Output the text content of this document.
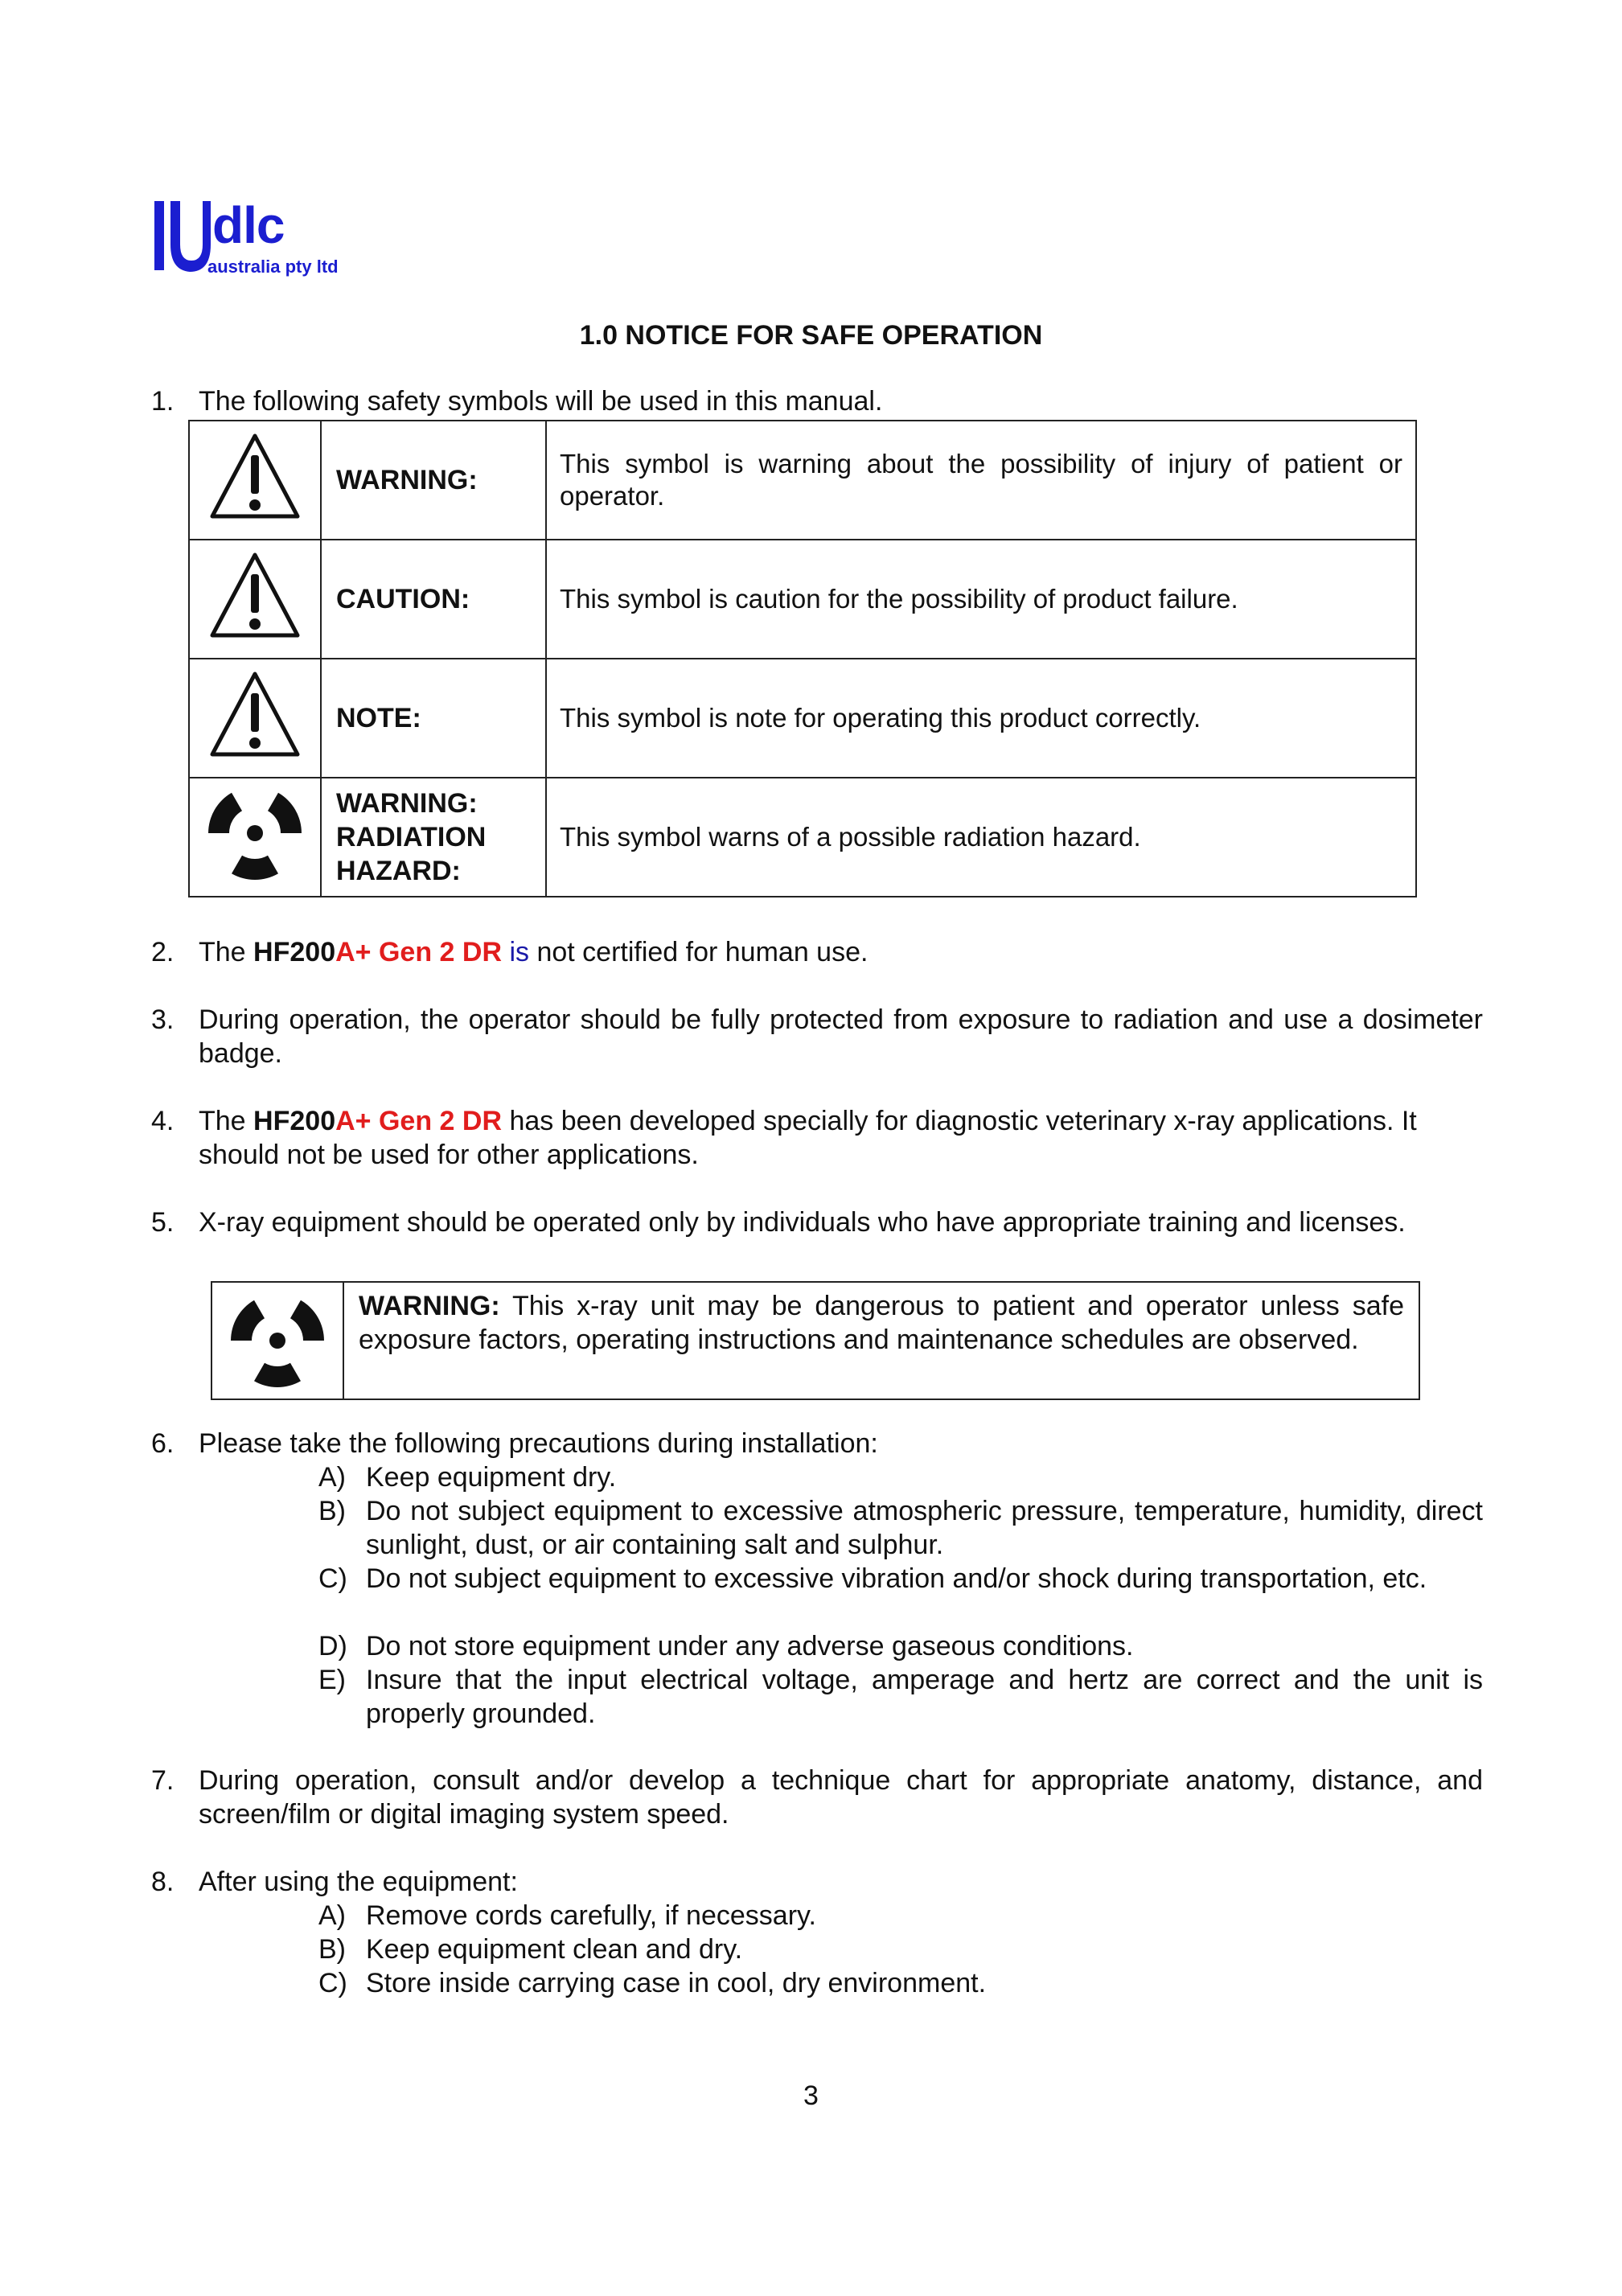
dlc
australia pty ltd
1.0 NOTICE FOR SAFE OPERATION
1. The following safety symbols will be used in this manual.
	WARNING:	This symbol is warning about the possibility of injury of patient or operator.
	CAUTION:	This symbol is caution for the possibility of product failure.
	NOTE:	This symbol is note for operating this product correctly.
	WARNING: RADIATION HAZARD:	This symbol warns of a possible radiation hazard.
2. The HF200A+ Gen 2 DR is not certified for human use.
3. During operation, the operator should be fully protected from exposure to radiation and use a dosimeter badge.
4. The HF200A+ Gen 2 DR has been developed specially for diagnostic veterinary x-ray applications. It should not be used for other applications.
5. X-ray equipment should be operated only by individuals who have appropriate training and licenses.
WARNING: This x-ray unit may be dangerous to patient and operator unless safe exposure factors, operating instructions and maintenance schedules are observed.
6. Please take the following precautions during installation:
A) Keep equipment dry.
B) Do not subject equipment to excessive atmospheric pressure, temperature, humidity, direct sunlight, dust, or air containing salt and sulphur.
C) Do not subject equipment to excessive vibration and/or shock during transportation, etc.
D) Do not store equipment under any adverse gaseous conditions.
E) Insure that the input electrical voltage, amperage and hertz are correct and the unit is properly grounded.
7. During operation, consult and/or develop a technique chart for appropriate anatomy, distance, and screen/film or digital imaging system speed.
8. After using the equipment:
A) Remove cords carefully, if necessary.
B) Keep equipment clean and dry.
C) Store inside carrying case in cool, dry environment.
3
